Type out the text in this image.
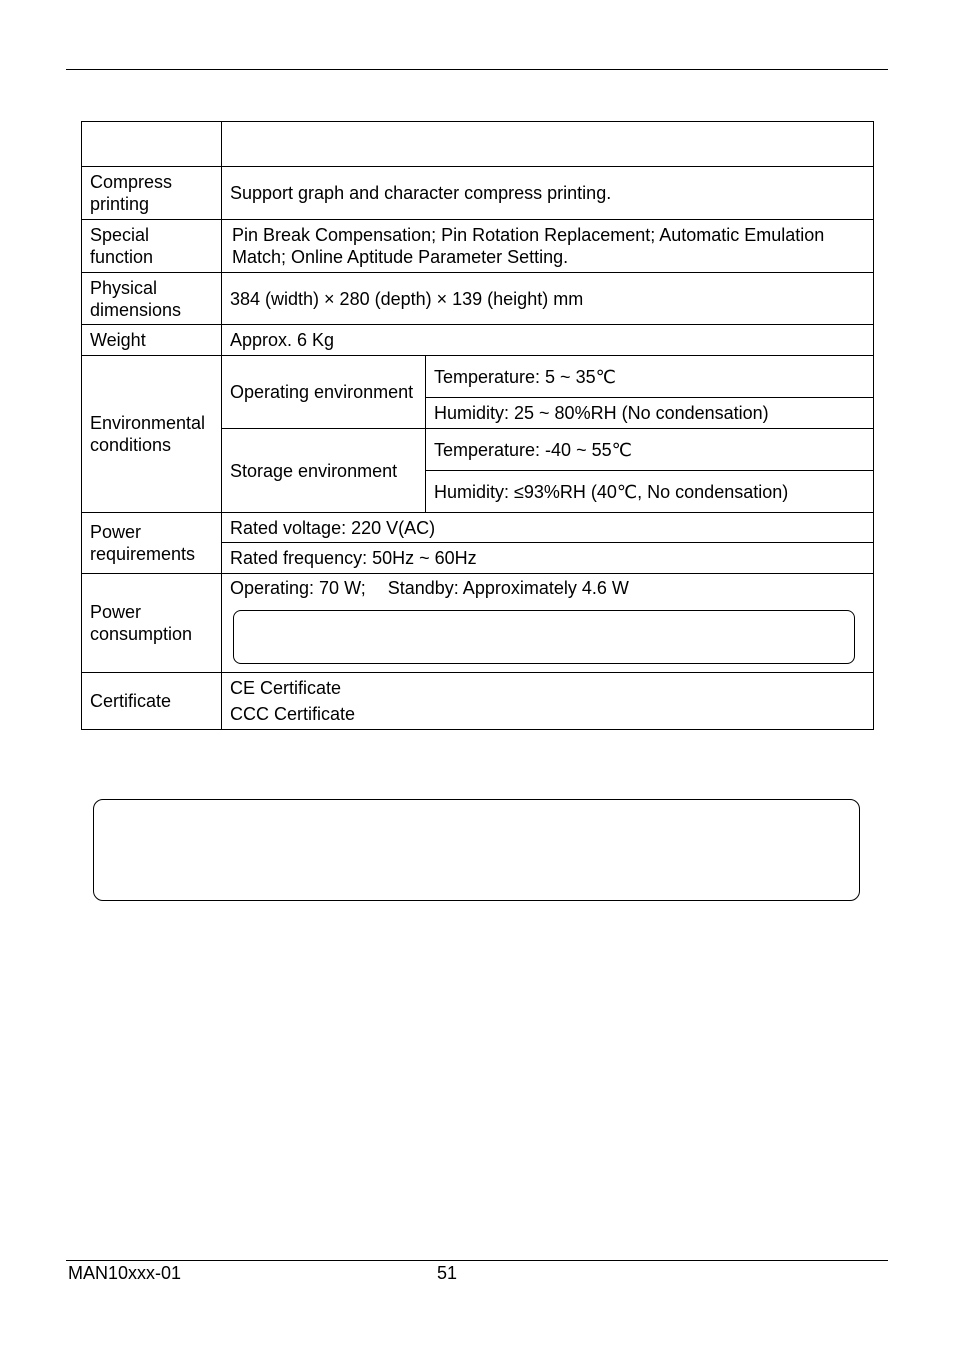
Compress printing	Support graph and character compress printing.	
Special function	Pin Break Compensation; Pin Rotation Replacement; Automatic Emulation Match; Online Aptitude Parameter Setting.	
Physical dimensions	384 (width) × 280 (depth) × 139 (height) mm	
Weight	Approx. 6 Kg	
Environmental conditions	Operating environment	Temperature: 5 ~ 35℃
		Humidity: 25 ~ 80%RH (No condensation)
	Storage environment	Temperature: -40 ~ 55℃
		Humidity: ≤93%RH (40℃, No condensation)
Power requirements	Rated voltage: 220 V(AC)	
	Rated frequency: 50Hz ~ 60Hz	
Power consumption	Operating: 70 W; Standby: Approximately 4.6 W	

Certificate	CE Certificate
CCC Certificate	
MAN10xxx-01	51
